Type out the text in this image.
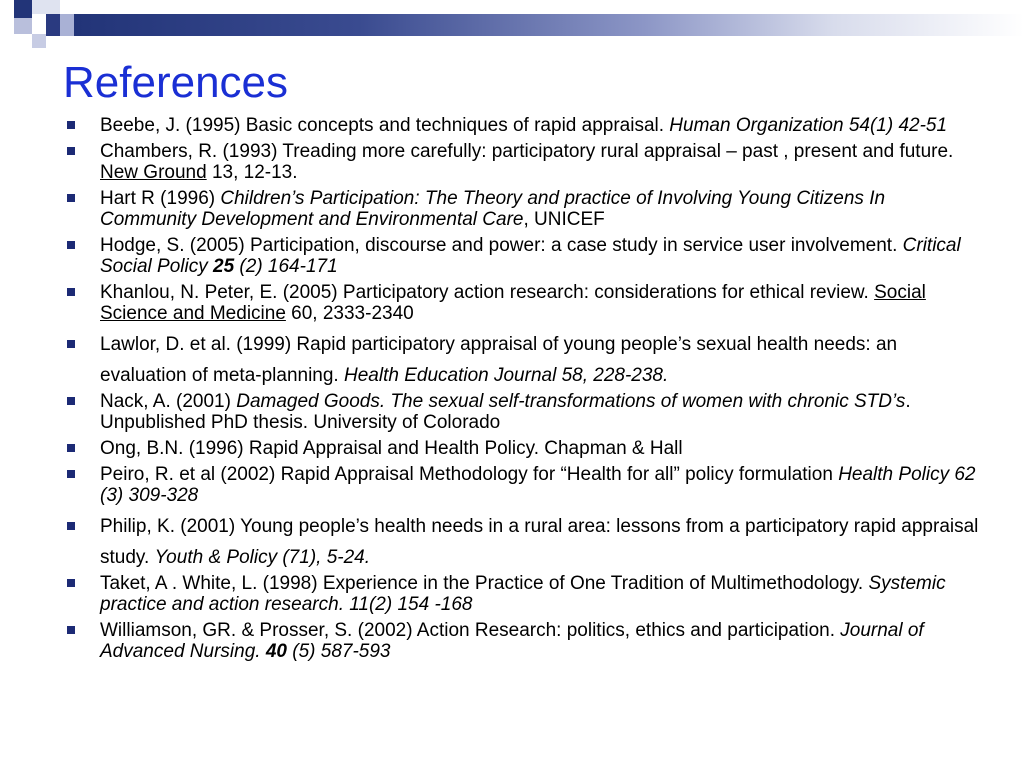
References
Beebe, J. (1995) Basic concepts and techniques of rapid appraisal. Human Organization 54(1) 42-51
Chambers, R. (1993) Treading more carefully: participatory rural appraisal – past , present and future. New Ground 13, 12-13.
Hart R (1996) Children’s Participation: The Theory and practice of Involving Young Citizens In Community Development and Environmental Care, UNICEF
Hodge, S. (2005) Participation, discourse and power: a case study in service user involvement. Critical Social Policy 25 (2) 164-171
Khanlou, N. Peter, E. (2005) Participatory action research: considerations for ethical review. Social Science and Medicine 60, 2333-2340
Lawlor, D. et al. (1999) Rapid participatory appraisal of young people’s sexual health needs: an evaluation of meta-planning. Health Education Journal 58, 228-238.
Nack, A. (2001) Damaged Goods. The sexual self-transformations of women with chronic STD’s. Unpublished PhD thesis. University of Colorado
Ong, B.N. (1996) Rapid Appraisal and Health Policy. Chapman & Hall
Peiro, R. et al (2002) Rapid Appraisal Methodology for “Health for all” policy formulation Health Policy 62 (3) 309-328
Philip, K. (2001) Young people’s health needs in a rural area: lessons from a participatory rapid appraisal study. Youth & Policy (71), 5-24.
Taket, A . White, L. (1998) Experience in the Practice of One Tradition of Multimethodology. Systemic practice and action research. 11(2) 154 -168
Williamson, GR. & Prosser, S. (2002) Action Research: politics, ethics and participation. Journal of Advanced Nursing. 40 (5) 587-593
